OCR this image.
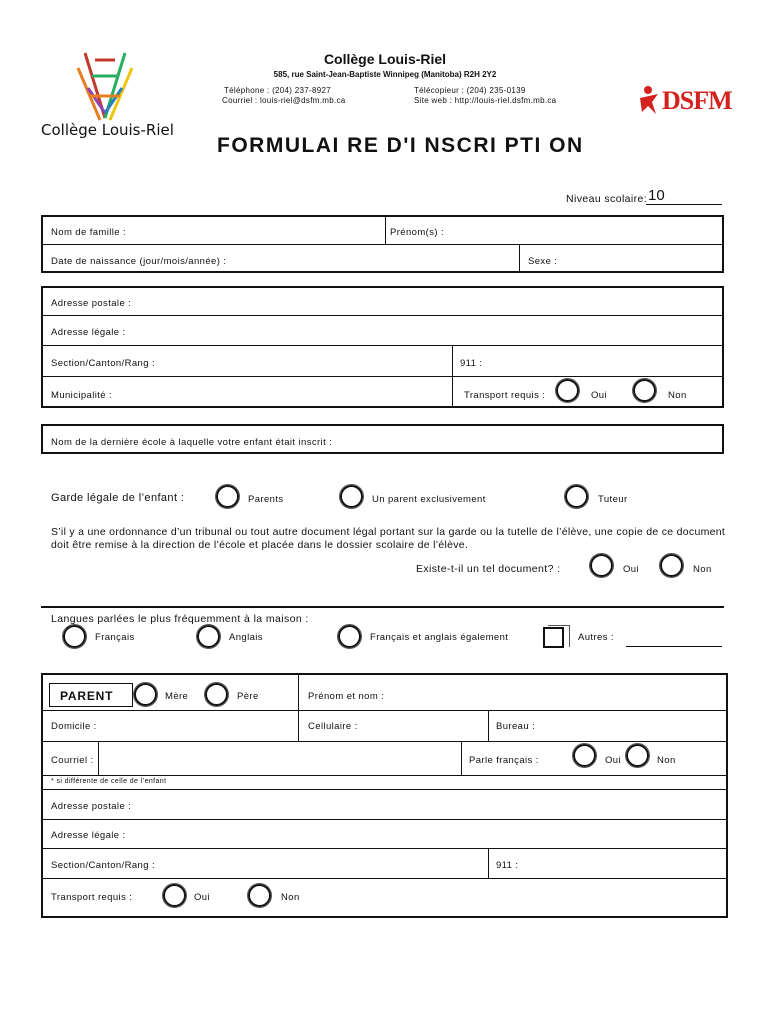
Collège Louis-Riel
Collège Louis-Riel
585, rue Saint-Jean-Baptiste Winnipeg (Manitoba) R2H 2Y2
Téléphone : (204) 237-8927
Courriel : louis-riel@dsfm.mb.ca
Télécopieur : (204) 235-0139
Site web : http://louis-riel.dsfm.mb.ca	DSFM
FORMULAI RE D'I NSCRI PTI ON
Niveau scolaire: 10
Nom de famille :	Prénom(s) :
Date de naissance (jour/mois/année) :	Sexe :
Adresse postale :
Adresse légale :
Section/Canton/Rang :	911 :
Municipalité :	Transport requis :	Oui	Non
Nom de la dernière école à laquelle votre enfant était inscrit :
Garde légale de l’enfant :	Parents	Un parent exclusivement	Tuteur
S’il y a une ordonnance d’un tribunal ou tout autre document légal portant sur la garde ou la tutelle de l’élève, une copie de ce document doit être remise à la direction de l’école et placée dans le dossier scolaire de l’élève.
Existe-t-il un tel document? :	Oui	Non
Langues parlées le plus fréquemment à la maison :
Français	Anglais	Français et anglais également	Autres :
PARENT	Mère	Père	Prénom et nom :
Domicile :	Cellulaire :	Bureau :
Courriel :	Parle français :	Oui	Non
* si différente de celle de l’enfant
Adresse postale :
Adresse légale :
Section/Canton/Rang :	911 :
Transport requis :	Oui	Non
